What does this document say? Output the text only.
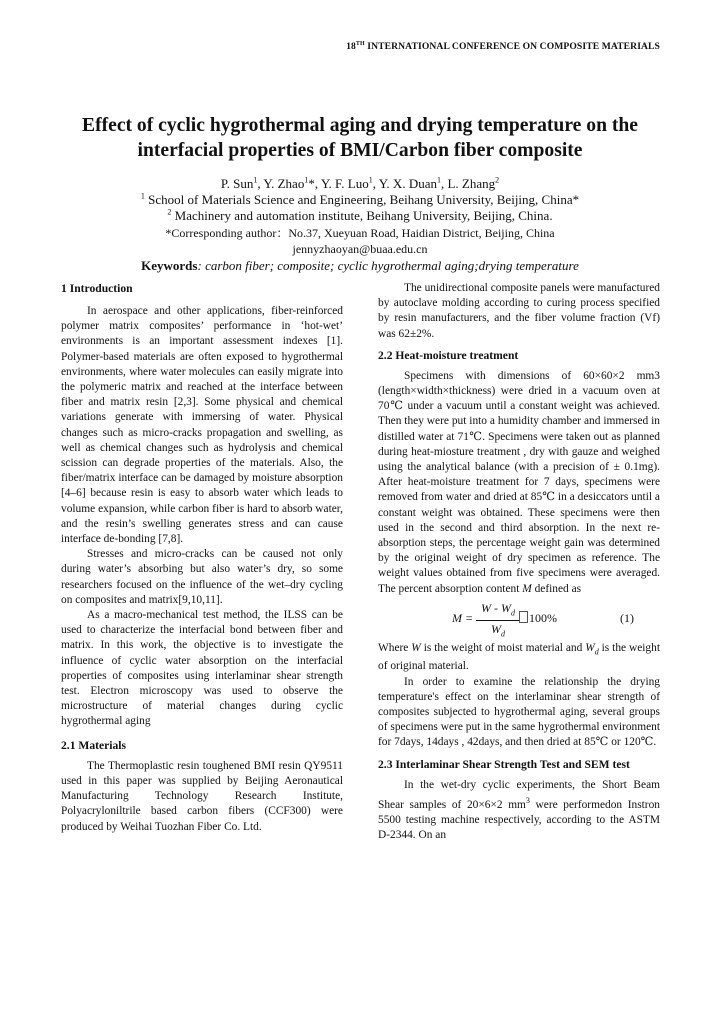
18TH INTERNATIONAL CONFERENCE ON COMPOSITE MATERIALS
Effect of cyclic hygrothermal aging and drying temperature on the interfacial properties of BMI/Carbon fiber composite
P. Sun$^1$, Y. Zhao$^1$*, Y. F. Luo$^1$, Y. X. Duan$^1$, L. Zhang$^2$
$^1$ School of Materials Science and Engineering, Beihang University, Beijing, China*
$^2$ Machinery and automation institute, Beihang University, Beijing, China.
*Corresponding author：No.37, Xueyuan Road, Haidian District, Beijing, China
jennyzhaoyan@buaa.edu.cn
Keywords: carbon fiber; composite; cyclic hygrothermal aging;drying temperature
1 Introduction

In aerospace and other applications, fiber-reinforced polymer matrix composites’ performance in ‘hot-wet’ environments is an important assessment indexes [1]. Polymer-based materials are often exposed to hygrothermal environments, where water molecules can easily migrate into the polymeric matrix and reached at the interface between fiber and matrix resin [2,3]. Some physical and chemical variations generate with immersing of water. Physical changes such as micro-cracks propagation and swelling, as well as chemical changes such as hydrolysis and chemical scission can degrade properties of the materials. Also, the fiber/matrix interface can be damaged by moisture absorption [4–6] because resin is easy to absorb water which leads to volume expansion, while carbon fiber is hard to absorb water, and the resin’s swelling generates stress and can cause interface de-bonding [7,8].

Stresses and micro-cracks can be caused not only during water’s absorbing but also water’s dry, so some researchers focused on the influence of the wet–dry cycling on composites and matrix[9,10,11].

As a macro-mechanical test method, the ILSS can be used to characterize the interfacial bond between fiber and matrix. In this work, the objective is to investigate the influence of cyclic water absorption on the interfacial properties of composites using interlaminar shear strength test. Electron microscopy was used to observe the microstructure of material changes during cyclic hygrothermal aging

2.1 Materials

The Thermoplastic resin toughened BMI resin QY9511 used in this paper was supplied by Beijing Aeronautical Manufacturing Technology Research Institute, Polyacryloniltrile based carbon fibers (CCF300) were produced by Weihai Tuozhan Fiber Co. Ltd.

The unidirectional composite panels were manufactured by autoclave molding according to curing process specified by resin manufacturers, and the fiber volume fraction (Vf) was 62±2%.

2.2 Heat-moisture treatment

Specimens with dimensions of 60×60×2 mm3 (length×width×thickness) were dried in a vacuum oven at 70℃ under a vacuum until a constant weight was achieved. Then they were put into a humidity chamber and immersed in distilled water at 71℃. Specimens were taken out as planned during heat-miosture treatment , dry with gauze and weighed using the analytical balance (with a precision of ± 0.1mg). After heat-moisture treatment for 7 days, specimens were removed from water and dried at 85℃ in a desiccators until a constant weight was obtained. These specimens were then used in the second and third absorption. In the next re-absorption steps, the percentage weight gain was determined by the original weight of dry specimen as reference. The weight values obtained from five specimens were averaged. The percent absorption content M defined as

$M = \frac{W - W_d}{W_d} 100\%$	(1)

Where W is the weight of moist material and $W_d$ is the weight of original material.

In order to examine the relationship the drying temperature's effect on the interlaminar shear strength of composites subjected to hygrothermal aging, several groups of specimens were put in the same hygrothermal environment for 7days, 14days , 42days, and then dried at 85℃ or 120℃.

2.3 Interlaminar Shear Strength Test and SEM test

In the wet-dry cyclic experiments, the Short Beam Shear samples of 20×6×2 $mm^3$ were performedon Instron 5500 testing machine respectively, according to the ASTM D-2344. On an
